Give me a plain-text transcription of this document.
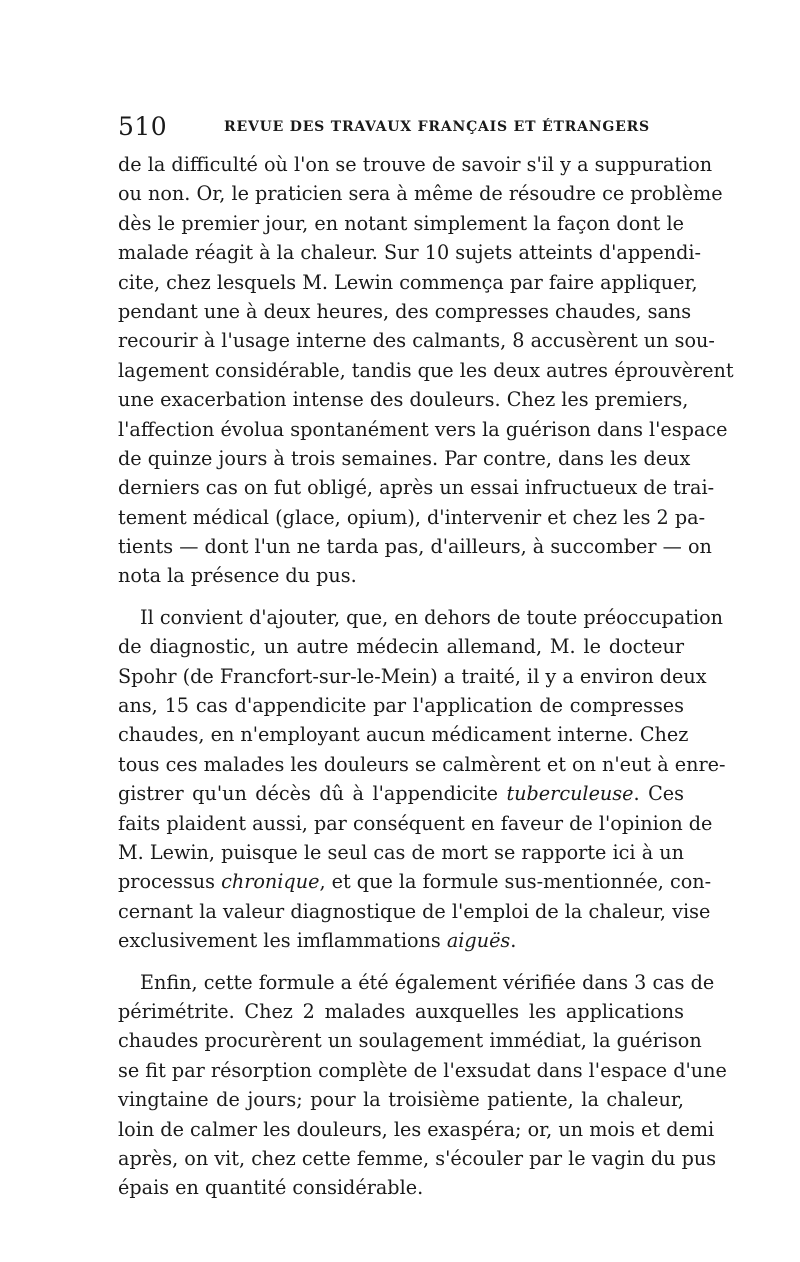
510	REVUE DES TRAVAUX FRANÇAIS ET ÉTRANGERS
de la difficulté où l'on se trouve de savoir s'il y a suppuration
ou non. Or, le praticien sera à même de résoudre ce problème
dès le premier jour, en notant simplement la façon dont le
malade réagit à la chaleur. Sur 10 sujets atteints d'appendi-
cite, chez lesquels M. Lewin commença par faire appliquer,
pendant une à deux heures, des compresses chaudes, sans
recourir à l'usage interne des calmants, 8 accusèrent un sou-
lagement considérable, tandis que les deux autres éprouvèrent
une exacerbation intense des douleurs. Chez les premiers,
l'affection évolua spontanément vers la guérison dans l'espace
de quinze jours à trois semaines. Par contre, dans les deux
derniers cas on fut obligé, après un essai infructueux de trai-
tement médical (glace, opium), d'intervenir et chez les 2 pa-
tients — dont l'un ne tarda pas, d'ailleurs, à succomber — on
nota la présence du pus.
Il convient d'ajouter, que, en dehors de toute préoccupation
de diagnostic, un autre médecin allemand, M. le docteur
Spohr (de Francfort-sur-le-Mein) a traité, il y a environ deux
ans, 15 cas d'appendicite par l'application de compresses
chaudes, en n'employant aucun médicament interne. Chez
tous ces malades les douleurs se calmèrent et on n'eut à enre-
gistrer qu'un décès dû à l'appendicite tuberculeuse. Ces
faits plaident aussi, par conséquent en faveur de l'opinion de
M. Lewin, puisque le seul cas de mort se rapporte ici à un
processus chronique, et que la formule sus-mentionnée, con-
cernant la valeur diagnostique de l'emploi de la chaleur, vise
exclusivement les imflammations aiguës.
Enfin, cette formule a été également vérifiée dans 3 cas de
périmétrite. Chez 2 malades auxquelles les applications
chaudes procurèrent un soulagement immédiat, la guérison
se fit par résorption complète de l'exsudat dans l'espace d'une
vingtaine de jours; pour la troisième patiente, la chaleur,
loin de calmer les douleurs, les exaspéra; or, un mois et demi
après, on vit, chez cette femme, s'écouler par le vagin du pus
épais en quantité considérable.
